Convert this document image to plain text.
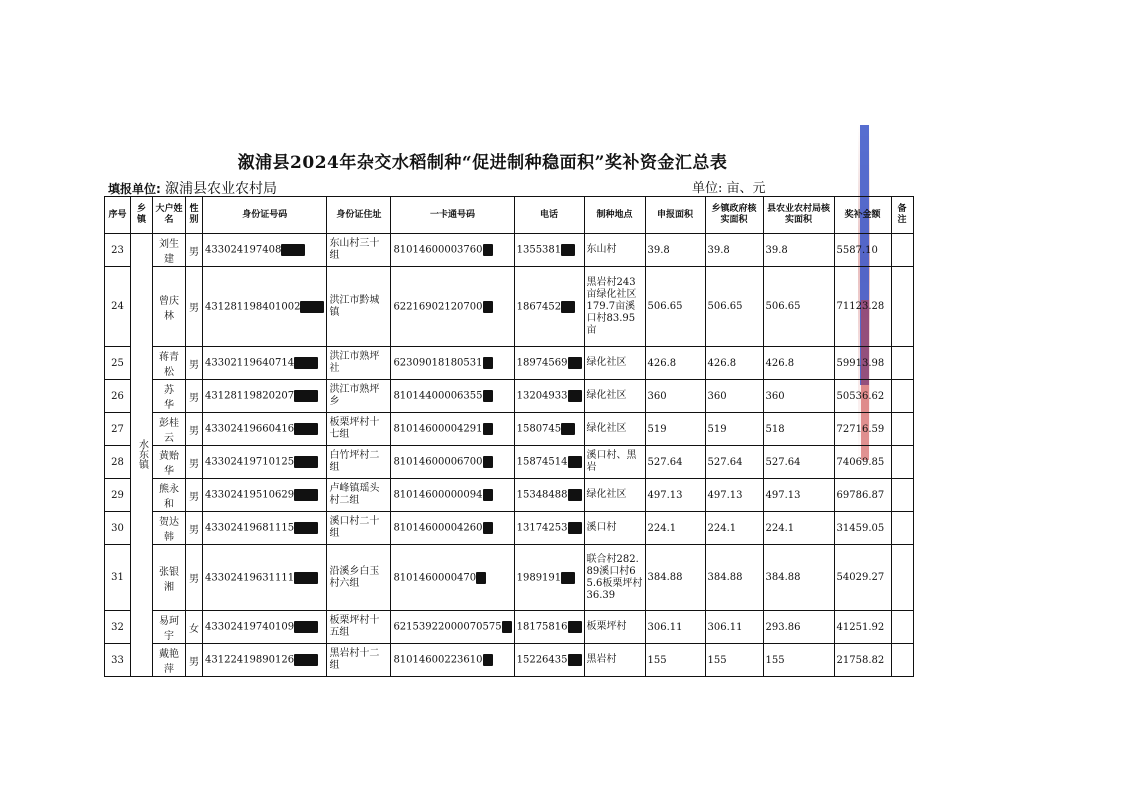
溆浦县2024年杂交水稻制种“促进制种稳面积”奖补资金汇总表
填报单位: 溆浦县农业农村局	单位: 亩、元
序号	乡镇	大户姓名	性别	身份证号码	身份证住址	一卡通号码	电话	制种地点	申报面积	乡镇政府核实面积	县农业农村局核实面积	奖补金额	备注
23	水东镇	刘生建	男	433024197408	东山村三十组	81014600003760	1355381	东山村	39.8	39.8	39.8	5587.10	
24		曾庆林	男	431281198401002	洪江市黔城镇	62216902120700	1867452	黑岩村243亩绿化社区179.7亩溪口村83.95亩	506.65	506.65	506.65	71123.28	
25		蒋青松	男	43302119640714	洪江市熟坪社	62309018180531	18974569	绿化社区	426.8	426.8	426.8	59913.98	
26		苏　华	男	43128119820207	洪江市熟坪乡	81014400006355	13204933	绿化社区	360	360	360	50536.62	
27		彭桂云	男	43302419660416	板栗坪村十七组	81014600004291	1580745	绿化社区	519	519	518	72716.59	
28		黄贻华	男	43302419710125	白竹坪村二组	81014600006700	15874514	溪口村、黑岩	527.64	527.64	527.64	74069.85	
29		熊永和	男	43302419510629	卢峰镇瑶头村二组	81014600000094	15348488	绿化社区	497.13	497.13	497.13	69786.87	
30		贺达韩	男	43302419681115	溪口村二十组	81014600004260	13174253	溪口村	224.1	224.1	224.1	31459.05	
31		张银湘	男	43302419631111	沿溪乡白玉村六组	8101460000470	1989191	联合村282.89溪口村65.6板栗坪村36.39	384.88	384.88	384.88	54029.27	
32		易珂宇	女	43302419740109	板栗坪村十五组	62153922000070575	18175816	板栗坪村	306.11	306.11	293.86	41251.92	
33		戴艳萍	男	43122419890126	黑岩村十二组	81014600223610	15226435	黑岩村	155	155	155	21758.82	
